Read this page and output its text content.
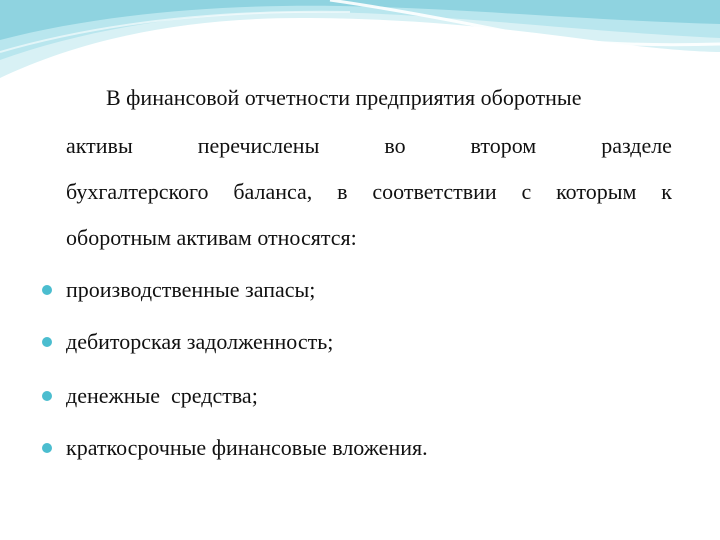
В финансовой отчетности предприятия оборотные
активы	перечислены	во	втором	разделе
бухгалтерского баланса, в соответствии с которым к
оборотным активам относятся:
производственные запасы;
дебиторская задолженность;
денежные  средства;
краткосрочные финансовые вложения.
